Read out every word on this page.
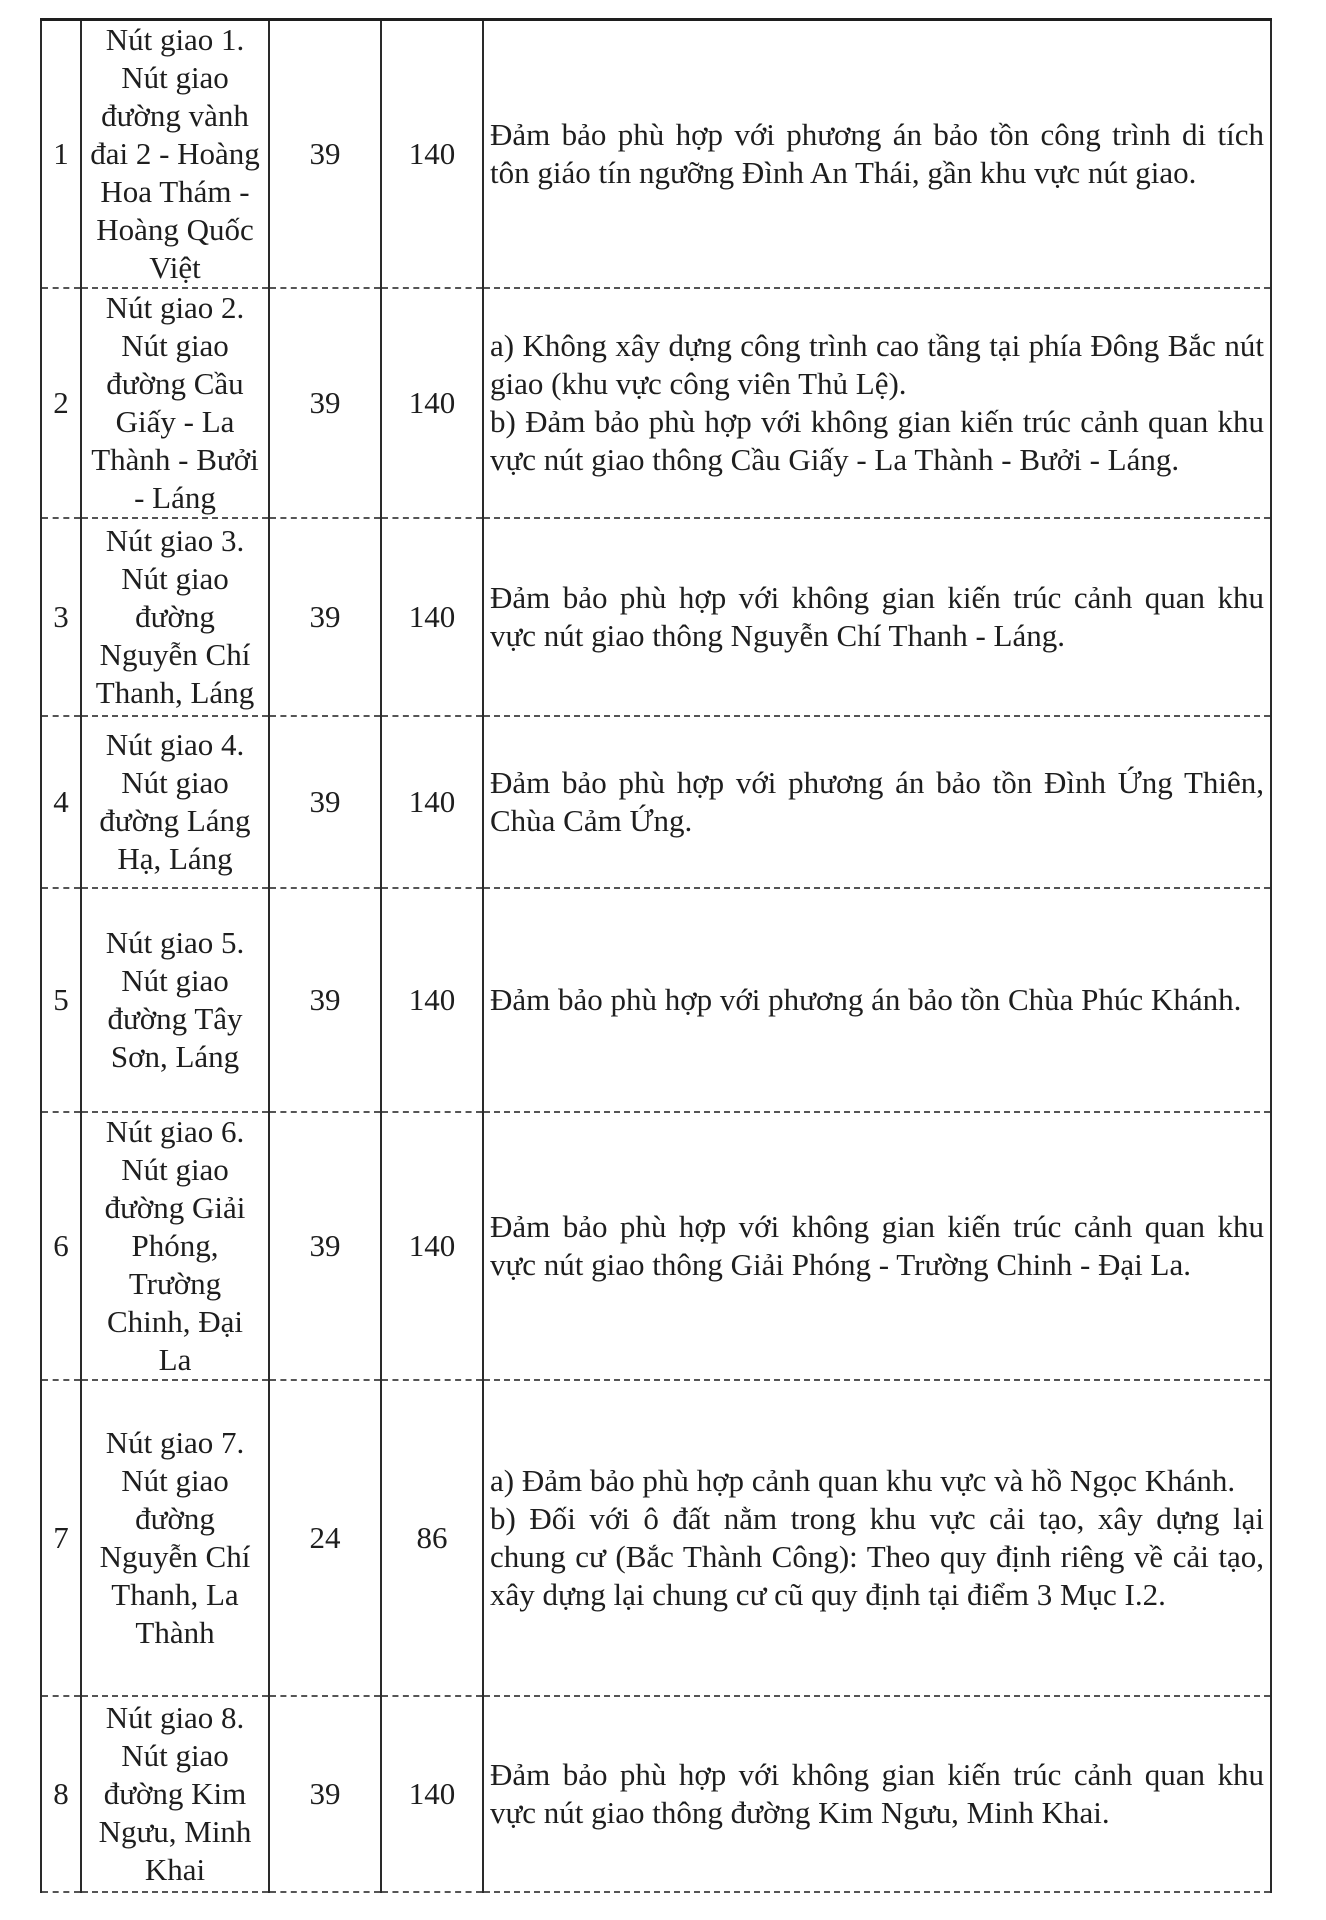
1	Nút giao 1. Nút giao đường vành đai 2 - Hoàng Hoa Thám - Hoàng Quốc Việt	39	140	Đảm bảo phù hợp với phương án bảo tồn công trình di tích tôn giáo tín ngưỡng Đình An Thái, gần khu vực nút giao.

2	Nút giao 2. Nút giao đường Cầu Giấy - La Thành - Bưởi - Láng	39	140	a) Không xây dựng công trình cao tầng tại phía Đông Bắc nút giao (khu vực công viên Thủ Lệ).
b) Đảm bảo phù hợp với không gian kiến trúc cảnh quan khu vực nút giao thông Cầu Giấy - La Thành - Bưởi - Láng.

3	Nút giao 3. Nút giao đường Nguyễn Chí Thanh, Láng	39	140	Đảm bảo phù hợp với không gian kiến trúc cảnh quan khu vực nút giao thông Nguyễn Chí Thanh - Láng.

4	Nút giao 4. Nút giao đường Láng Hạ, Láng	39	140	Đảm bảo phù hợp với phương án bảo tồn Đình Ứng Thiên, Chùa Cảm Ứng.

5	Nút giao 5. Nút giao đường Tây Sơn, Láng	39	140	Đảm bảo phù hợp với phương án bảo tồn Chùa Phúc Khánh.

6	Nút giao 6. Nút giao đường Giải Phóng, Trường Chinh, Đại La	39	140	Đảm bảo phù hợp với không gian kiến trúc cảnh quan khu vực nút giao thông Giải Phóng - Trường Chinh - Đại La.

7	Nút giao 7. Nút giao đường Nguyễn Chí Thanh, La Thành	24	86	a) Đảm bảo phù hợp cảnh quan khu vực và hồ Ngọc Khánh.
b) Đối với ô đất nằm trong khu vực cải tạo, xây dựng lại chung cư (Bắc Thành Công): Theo quy định riêng về cải tạo, xây dựng lại chung cư cũ quy định tại điểm 3 Mục I.2.

8	Nút giao 8. Nút giao đường Kim Ngưu, Minh Khai	39	140	Đảm bảo phù hợp với không gian kiến trúc cảnh quan khu vực nút giao thông đường Kim Ngưu, Minh Khai.
